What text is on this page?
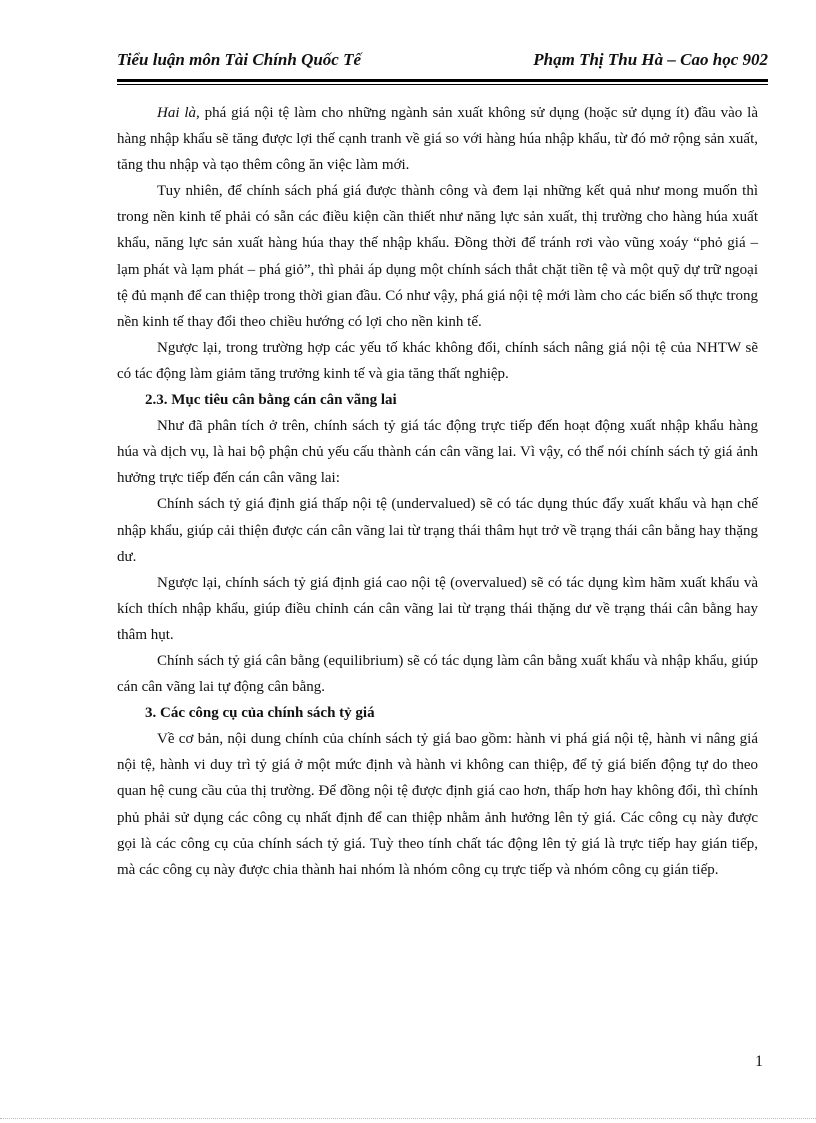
Tiểu luận môn Tài Chính Quốc Tế	Phạm Thị Thu Hà – Cao học 902

Hai là, phá giá nội tệ làm cho những ngành sản xuất không sử dụng (hoặc sử dụng ít) đầu vào là hàng nhập khẩu sẽ tăng được lợi thế cạnh tranh về giá so với hàng húa nhập khẩu, từ đó mở rộng sản xuất, tăng thu nhập và tạo thêm công ăn việc làm mới.

Tuy nhiên, để chính sách phá giá được thành công và đem lại những kết quả như mong muốn thì trong nền kinh tế phải có sẵn các điều kiện cần thiết như năng lực sản xuất, thị trường cho hàng húa xuất khẩu, năng lực sản xuất hàng húa thay thế nhập khẩu. Đồng thời để tránh rơi vào vũng xoáy “phỏ giá – lạm phát và lạm phát – phá giỏ”, thì phải áp dụng một chính sách thắt chặt tiền tệ và một quỹ dự trữ ngoại tệ đủ mạnh để can thiệp trong thời gian đầu. Có như vậy, phá giá nội tệ mới làm cho các biến số thực trong nền kinh tế thay đổi theo chiều hướng có lợi cho nền kinh tế.

Ngược lại, trong trường hợp các yếu tố khác không đổi, chính sách nâng giá nội tệ của NHTW sẽ có tác động làm giảm tăng trưởng kinh tế và gia tăng thất nghiệp.

2.3. Mục tiêu cân bằng cán cân vãng lai

Như đã phân tích ở trên, chính sách tỷ giá tác động trực tiếp đến hoạt động xuất nhập khẩu hàng húa và dịch vụ, là hai bộ phận chủ yếu cấu thành cán cân vãng lai. Vì vậy, có thể nói chính sách tỷ giá ảnh hưởng trực tiếp đến cán cân vãng lai:

Chính sách tỷ giá định giá thấp nội tệ (undervalued) sẽ có tác dụng thúc đẩy xuất khẩu và hạn chế nhập khẩu, giúp cải thiện được cán cân vãng lai từ trạng thái thâm hụt trở về trạng thái cân bằng hay thặng dư.

Ngược lại, chính sách tỷ giá định giá cao nội tệ (overvalued) sẽ có tác dụng kìm hãm xuất khẩu và kích thích nhập khẩu, giúp điều chỉnh cán cân vãng lai từ trạng thái thặng dư về trạng thái cân bằng hay thâm hụt.

Chính sách tỷ giá cân bằng (equilibrium) sẽ có tác dụng làm cân bằng xuất khẩu và nhập khẩu, giúp cán cân vãng lai tự động cân bằng.

3. Các công cụ của chính sách tỷ giá

Về cơ bản, nội dung chính của chính sách tỷ giá bao gồm: hành vi phá giá nội tệ, hành vi nâng giá nội tệ, hành vi duy trì tỷ giá ở một mức định và hành vi không can thiệp, để tỷ giá biến động tự do theo quan hệ cung cầu của thị trường. Để đồng nội tệ được định giá cao hơn, thấp hơn hay không đổi, thì chính phủ phải sử dụng các công cụ nhất định để can thiệp nhằm ảnh hưởng lên tỷ giá. Các công cụ này được gọi là các công cụ của chính sách tỷ giá. Tuỳ theo tính chất tác động lên tỷ giá là trực tiếp hay gián tiếp, mà các công cụ này được chia thành hai nhóm là nhóm công cụ trực tiếp và nhóm công cụ gián tiếp.

1
